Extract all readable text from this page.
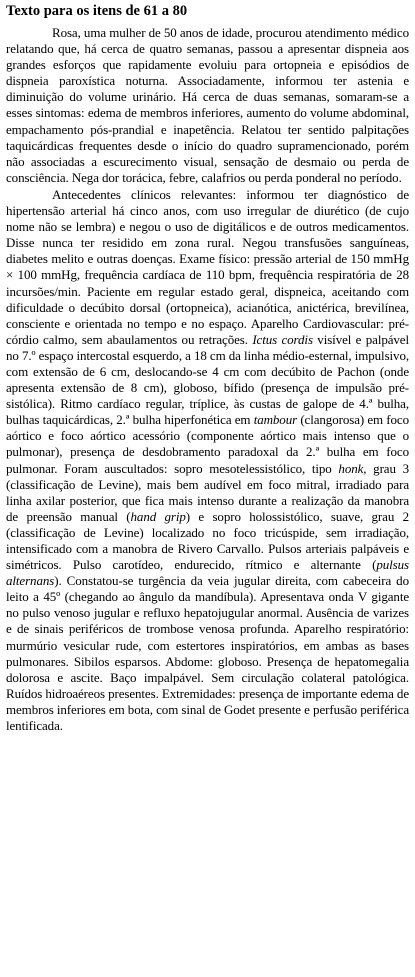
Texto para os itens de 61 a 80

Rosa, uma mulher de 50 anos de idade, procurou atendimento médico relatando que, há cerca de quatro semanas, passou a apresentar dispneia aos grandes esforços que rapidamente evoluiu para ortopneia e episódios de dispneia paroxística noturna. Associadamente, informou ter astenia e diminuição do volume urinário. Há cerca de duas semanas, somaram-se a esses sintomas: edema de membros inferiores, aumento do volume abdominal, empachamento pós-prandial e inapetência. Relatou ter sentido palpitações taquicárdicas frequentes desde o início do quadro supramencionado, porém não associadas a escurecimento visual, sensação de desmaio ou perda de consciência. Nega dor torácica, febre, calafrios ou perda ponderal no período.

Antecedentes clínicos relevantes: informou ter diagnóstico de hipertensão arterial há cinco anos, com uso irregular de diurético (de cujo nome não se lembra) e negou o uso de digitálicos e de outros medicamentos. Disse nunca ter residido em zona rural. Negou transfusões sanguíneas, diabetes melito e outras doenças. Exame físico: pressão arterial de 150 mmHg × 100 mmHg, frequência cardíaca de 110 bpm, frequência respiratória de 28 incursões/min. Paciente em regular estado geral, dispneica, aceitando com dificuldade o decúbito dorsal (ortopneica), acianótica, anictérica, brevilínea, consciente e orientada no tempo e no espaço. Aparelho Cardiovascular: pré-córdio calmo, sem abaulamentos ou retrações. Ictus cordis visível e palpável no 7.º espaço intercostal esquerdo, a 18 cm da linha médio-esternal, impulsivo, com extensão de 6 cm, deslocando-se 4 cm com decúbito de Pachon (onde apresenta extensão de 8 cm), globoso, bífido (presença de impulsão pré-sistólica). Ritmo cardíaco regular, tríplice, às custas de galope de 4.ª bulha, bulhas taquicárdicas, 2.ª bulha hiperfonética em tambour (clangorosa) em foco aórtico e foco aórtico acessório (componente aórtico mais intenso que o pulmonar), presença de desdobramento paradoxal da 2.ª bulha em foco pulmonar. Foram auscultados: sopro mesotelessistólico, tipo honk, grau 3 (classificação de Levine), mais bem audível em foco mitral, irradiado para linha axilar posterior, que fica mais intenso durante a realização da manobra de preensão manual (hand grip) e sopro holossistólico, suave, grau 2 (classificação de Levine) localizado no foco tricúspide, sem irradiação, intensificado com a manobra de Rivero Carvallo. Pulsos arteriais palpáveis e simétricos. Pulso carotídeo, endurecido, rítmico e alternante (pulsus alternans). Constatou-se turgência da veia jugular direita, com cabeceira do leito a 45º (chegando ao ângulo da mandíbula). Apresentava onda V gigante no pulso venoso jugular e refluxo hepatojugular anormal. Ausência de varizes e de sinais periféricos de trombose venosa profunda. Aparelho respiratório: murmúrio vesicular rude, com estertores inspiratórios, em ambas as bases pulmonares. Sibilos esparsos. Abdome: globoso. Presença de hepatomegalia dolorosa e ascite. Baço impalpável. Sem circulação colateral patológica. Ruídos hidroaéreos presentes. Extremidades: presença de importante edema de membros inferiores em bota, com sinal de Godet presente e perfusão periférica lentificada.
